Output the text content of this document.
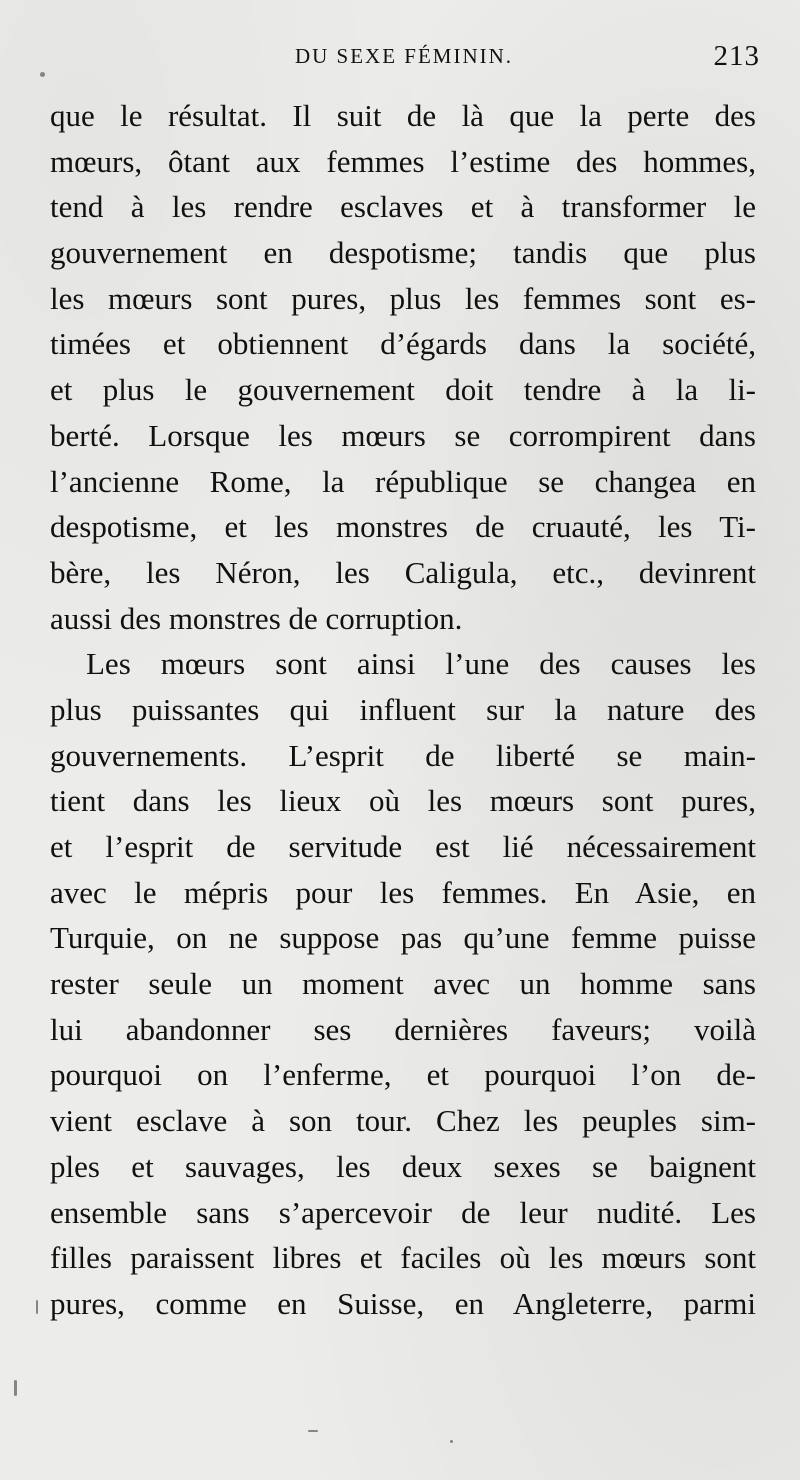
DU SEXE FÉMININ.	213
que le résultat. Il suit de là que la perte des
mœurs, ôtant aux femmes l’estime des hommes,
tend à les rendre esclaves et à transformer le
gouvernement en despotisme; tandis que plus
les mœurs sont pures, plus les femmes sont es-
timées et obtiennent d’égards dans la société,
et plus le gouvernement doit tendre à la li-
berté. Lorsque les mœurs se corrompirent dans
l’ancienne Rome, la république se changea en
despotisme, et les monstres de cruauté, les Ti-
bère, les Néron, les Caligula, etc., devinrent
aussi des monstres de corruption.
Les mœurs sont ainsi l’une des causes les
plus puissantes qui influent sur la nature des
gouvernements. L’esprit de liberté se main-
tient dans les lieux où les mœurs sont pures,
et l’esprit de servitude est lié nécessairement
avec le mépris pour les femmes. En Asie, en
Turquie, on ne suppose pas qu’une femme puisse
rester seule un moment avec un homme sans
lui abandonner ses dernières faveurs; voilà
pourquoi on l’enferme, et pourquoi l’on de-
vient esclave à son tour. Chez les peuples sim-
ples et sauvages, les deux sexes se baignent
ensemble sans s’apercevoir de leur nudité. Les
filles paraissent libres et faciles où les mœurs sont
pures, comme en Suisse, en Angleterre, parmi
